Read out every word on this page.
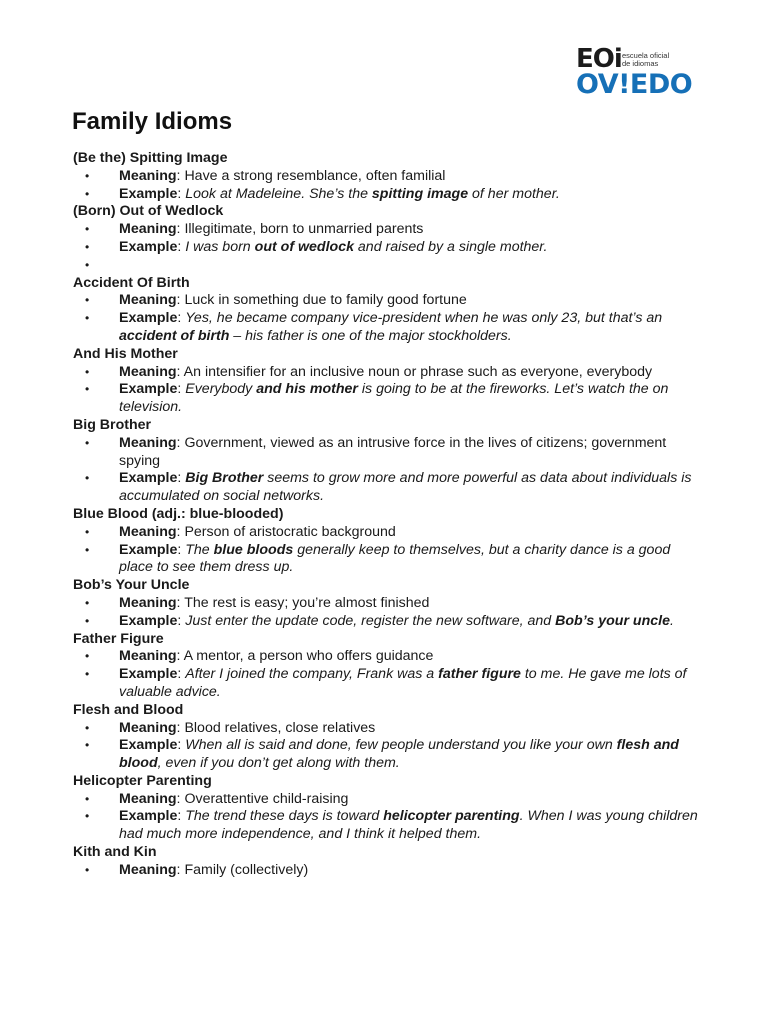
EOi escuela oficial
de idiomas
OV!EDO
Family Idioms

(Be the) Spitting Image

•	Meaning: Have a strong resemblance, often familial
•	Example: Look at Madeleine. She’s the spitting image of her mother.

(Born) Out of Wedlock

•	Meaning: Illegitimate, born to unmarried parents
•	Example: I was born out of wedlock and raised by a single mother.
•

Accident Of Birth

•	Meaning: Luck in something due to family good fortune
•	Example: Yes, he became company vice-president when he was only 23, but that’s an accident of birth – his father is one of the major stockholders.

And His Mother

•	Meaning: An intensifier for an inclusive noun or phrase such as everyone, everybody
•	Example: Everybody and his mother is going to be at the fireworks. Let’s watch the on television.

Big Brother

•	Meaning: Government, viewed as an intrusive force in the lives of citizens; government spying
•	Example: Big Brother seems to grow more and more powerful as data about individuals is accumulated on social networks.

Blue Blood (adj.: blue-blooded)

•	Meaning: Person of aristocratic background
•	Example: The blue bloods generally keep to themselves, but a charity dance is a good place to see them dress up.

Bob’s Your Uncle

•	Meaning: The rest is easy; you’re almost finished
•	Example: Just enter the update code, register the new software, and Bob’s your uncle.

Father Figure

•	Meaning: A mentor, a person who offers guidance
•	Example: After I joined the company, Frank was a father figure to me. He gave me lots of valuable advice.

Flesh and Blood

•	Meaning: Blood relatives, close relatives
•	Example: When all is said and done, few people understand you like your own flesh and blood, even if you don’t get along with them.

Helicopter Parenting

•	Meaning: Overattentive child-raising
•	Example: The trend these days is toward helicopter parenting. When I was young children had much more independence, and I think it helped them.

Kith and Kin

•	Meaning: Family (collectively)
